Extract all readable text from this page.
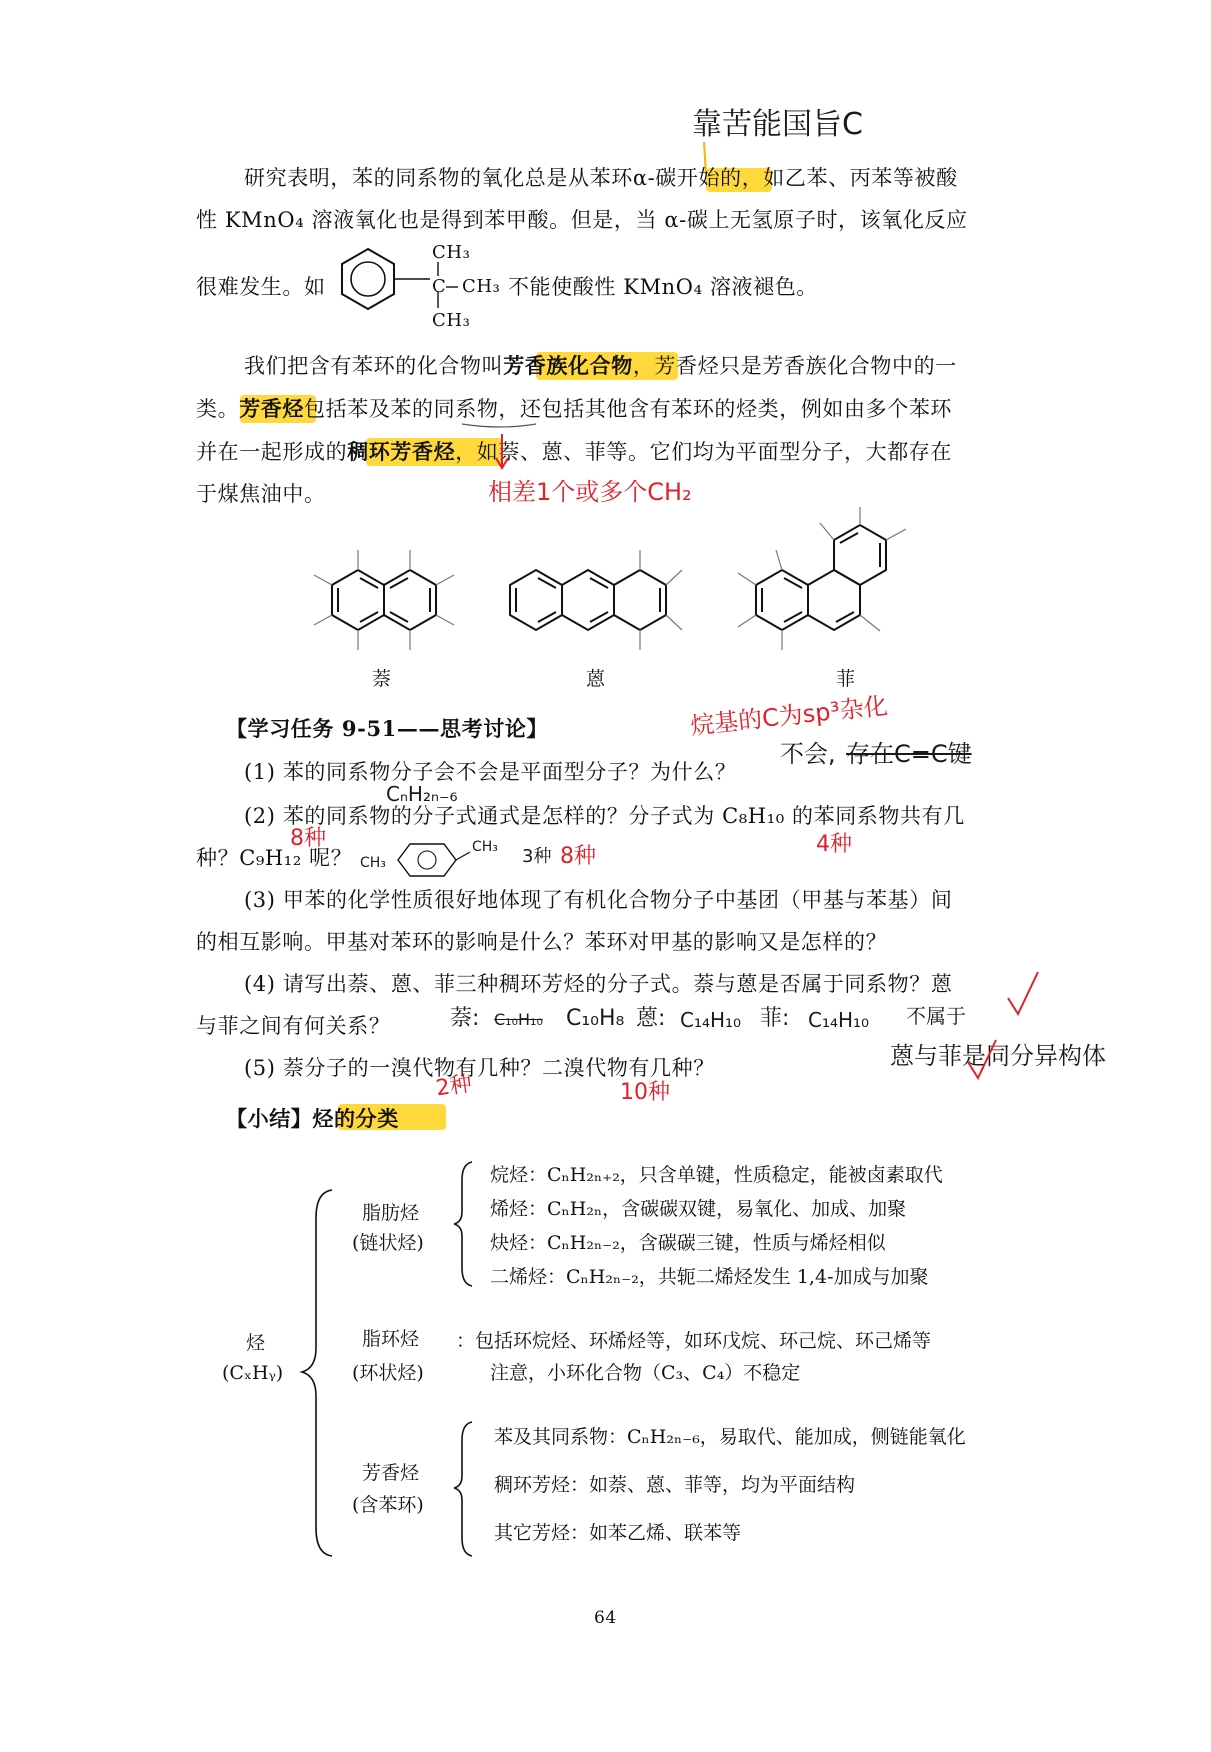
靠苦能国旨C
研究表明，苯的同系物的氧化总是从苯环α-碳开始的，如乙苯、丙苯等被酸
性 KMnO₄ 溶液氧化也是得到苯甲酸。但是，当 α-碳上无氢原子时，该氧化反应
很难发生。如
CH₃
C CH₃
CH₃
不能使酸性 KMnO₄ 溶液褪色。
我们把含有苯环的化合物叫芳香族化合物，芳香烃只是芳香族化合物中的一
类。芳香烃包括苯及苯的同系物，还包括其他含有苯环的烃类，例如由多个苯环
并在一起形成的稠环芳香烃，如萘、蒽、菲等。它们均为平面型分子，大都存在
于煤焦油中。	相差1个或多个CH₂
萘	蒽	菲
【学习任务 9-51——思考讨论】	烷基的C为sp³杂化
不会, 存在C=C键
(1) 苯的同系物分子会不会是平面型分子？为什么？
CₙH₂ₙ₋₆
(2) 苯的同系物的分子式通式是怎样的？分子式为 C₈H₁₀ 的苯同系物共有几
8种	4种
种？C₉H₁₂ 呢？ CH₃
CH₃ 3种 8种
(3) 甲苯的化学性质很好地体现了有机化合物分子中基团（甲基与苯基）间
的相互影响。甲基对苯环的影响是什么？苯环对甲基的影响又是怎样的？
(4) 请写出萘、蒽、菲三种稠环芳烃的分子式。萘与蒽是否属于同系物？蒽
与菲之间有何关系？	萘: C₁₀H₁₀ C₁₀H₈ 蒽: C₁₄H₁₀ 菲: C₁₄H₁₀ 不属于
(5) 萘分子的一溴代物有几种？二溴代物有几种？	蒽与菲是同分异构体
2种	10种
【小结】烃的分类
烃
(CₓHᵧ)
脂肪烃
(链状烃)
烷烃：CₙH₂ₙ₊₂，只含单键，性质稳定，能被卤素取代
烯烃：CₙH₂ₙ，含碳碳双键，易氧化、加成、加聚
炔烃：CₙH₂ₙ₋₂，含碳碳三键，性质与烯烃相似
二烯烃：CₙH₂ₙ₋₂，共轭二烯烃发生 1,4-加成与加聚
脂环烃
(环状烃)
：包括环烷烃、环烯烃等，如环戊烷、环己烷、环己烯等
注意，小环化合物（C₃、C₄）不稳定
芳香烃
(含苯环)
苯及其同系物：CₙH₂ₙ₋₆，易取代、能加成，侧链能氧化
稠环芳烃：如萘、蒽、菲等，均为平面结构
其它芳烃：如苯乙烯、联苯等
64
